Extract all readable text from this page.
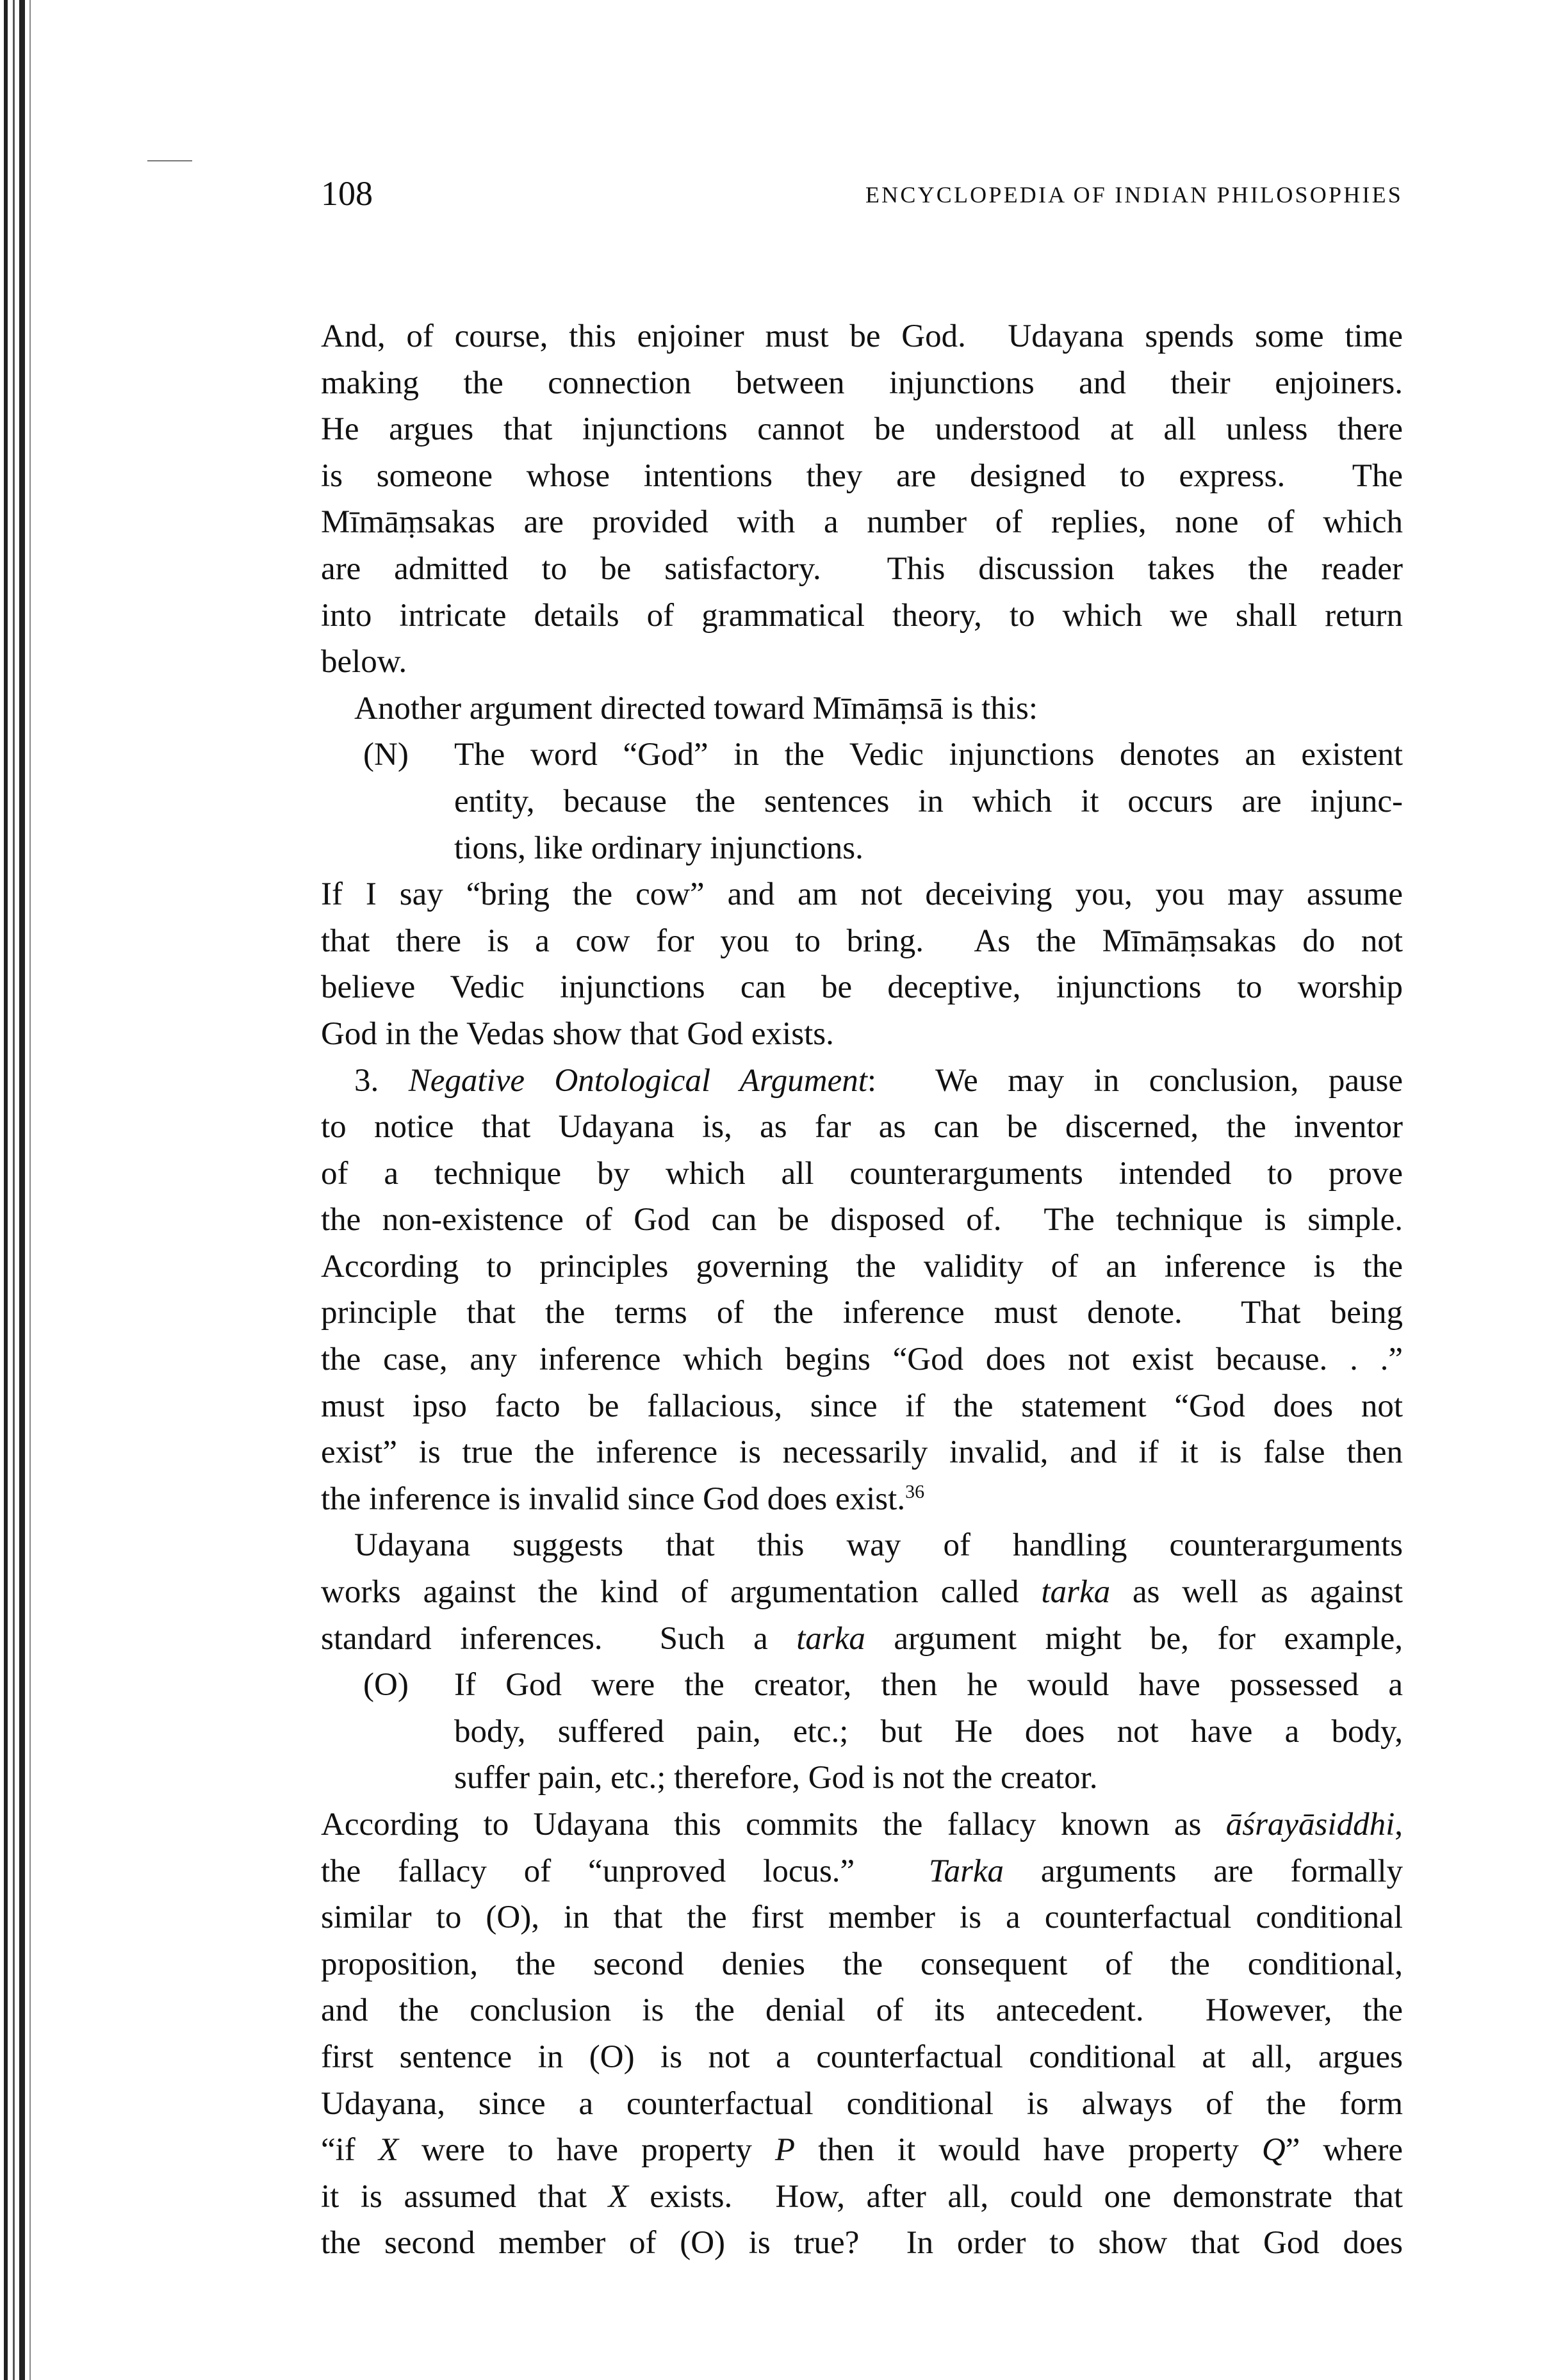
108	ENCYCLOPEDIA OF INDIAN PHILOSOPHIES
And, of course, this enjoiner must be God.  Udayana spends some time
making the connection between injunctions and their enjoiners.
He argues that injunctions cannot be understood at all unless there
is someone whose intentions they are designed to express.  The
Mīmāṃsakas are provided with a number of replies, none of which
are admitted to be satisfactory.  This discussion takes the reader
into intricate details of grammatical theory, to which we shall return
below.
Another argument directed toward Mīmāṃsā is this:
(N) The word “God” in the Vedic injunctions denotes an existent
entity, because the sentences in which it occurs are injunc-
tions, like ordinary injunctions.
If I say “bring the cow” and am not deceiving you, you may assume
that there is a cow for you to bring.  As the Mīmāṃsakas do not
believe Vedic injunctions can be deceptive, injunctions to worship
God in the Vedas show that God exists.
3. Negative Ontological Argument:  We may in conclusion, pause
to notice that Udayana is, as far as can be discerned, the inventor
of a technique by which all counterarguments intended to prove
the non-existence of God can be disposed of.  The technique is simple.
According to principles governing the validity of an inference is the
principle that the terms of the inference must denote.  That being
the case, any inference which begins “God does not exist because. . .”
must ipso facto be fallacious, since if the statement “God does not
exist” is true the inference is necessarily invalid, and if it is false then
the inference is invalid since God does exist.$^{36}$
Udayana suggests that this way of handling counterarguments
works against the kind of argumentation called tarka as well as against
standard inferences.  Such a tarka argument might be, for example,
(O) If God were the creator, then he would have possessed a
body, suffered pain, etc.; but He does not have a body,
suffer pain, etc.; therefore, God is not the creator.
According to Udayana this commits the fallacy known as āśrayāsiddhi,
the fallacy of “unproved locus.”  Tarka arguments are formally
similar to (O), in that the first member is a counterfactual conditional
proposition, the second denies the consequent of the conditional,
and the conclusion is the denial of its antecedent.  However, the
first sentence in (O) is not a counterfactual conditional at all, argues
Udayana, since a counterfactual conditional is always of the form
“if X were to have property P then it would have property Q” where
it is assumed that X exists.  How, after all, could one demonstrate that
the second member of (O) is true?  In order to show that God does
